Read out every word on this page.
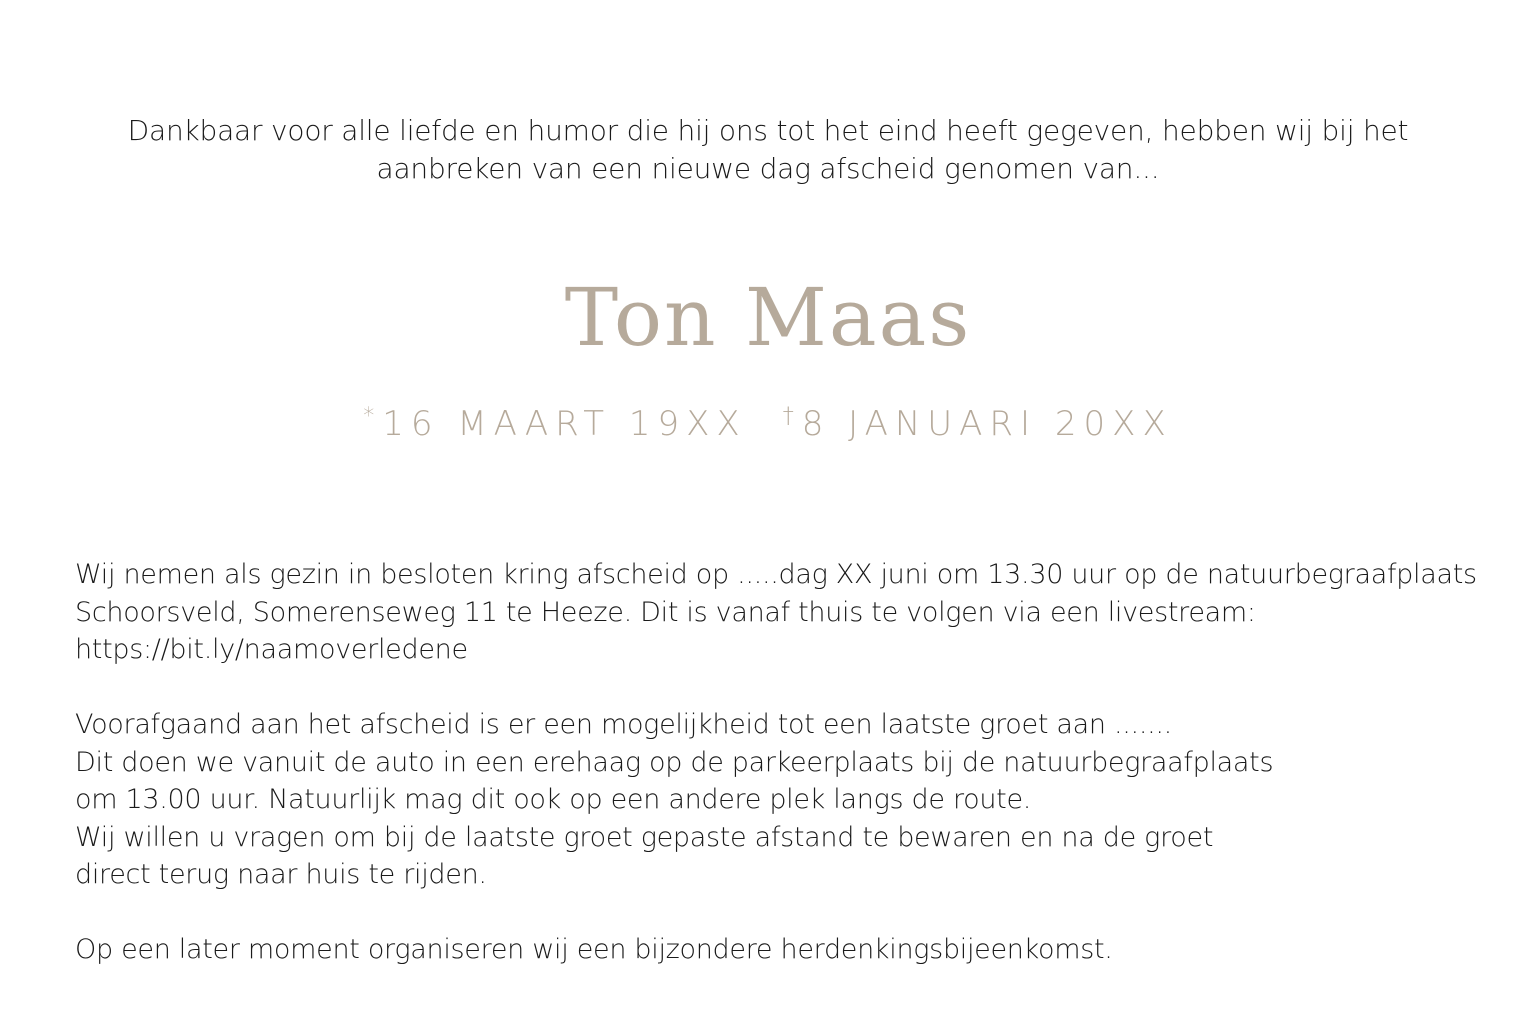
Dankbaar voor alle liefde en humor die hij ons tot het eind heeft gegeven, hebben wij bij het
aanbreken van een nieuwe dag afscheid genomen van...
Ton Maas
* 16 MAART 19XX † 8 JANUARI 20XX
Wij nemen als gezin in besloten kring afscheid op .....dag XX juni om 13.30 uur op de natuurbegraafplaats
Schoorsveld, Somerenseweg 11 te Heeze. Dit is vanaf thuis te volgen via een livestream:
https://bit.ly/naamoverledene
Voorafgaand aan het afscheid is er een mogelijkheid tot een laatste groet aan .......
Dit doen we vanuit de auto in een erehaag op de parkeerplaats bij de natuurbegraafplaats
om 13.00 uur. Natuurlijk mag dit ook op een andere plek langs de route.
Wij willen u vragen om bij de laatste groet gepaste afstand te bewaren en na de groet
direct terug naar huis te rijden.
Op een later moment organiseren wij een bijzondere herdenkingsbijeenkomst.
